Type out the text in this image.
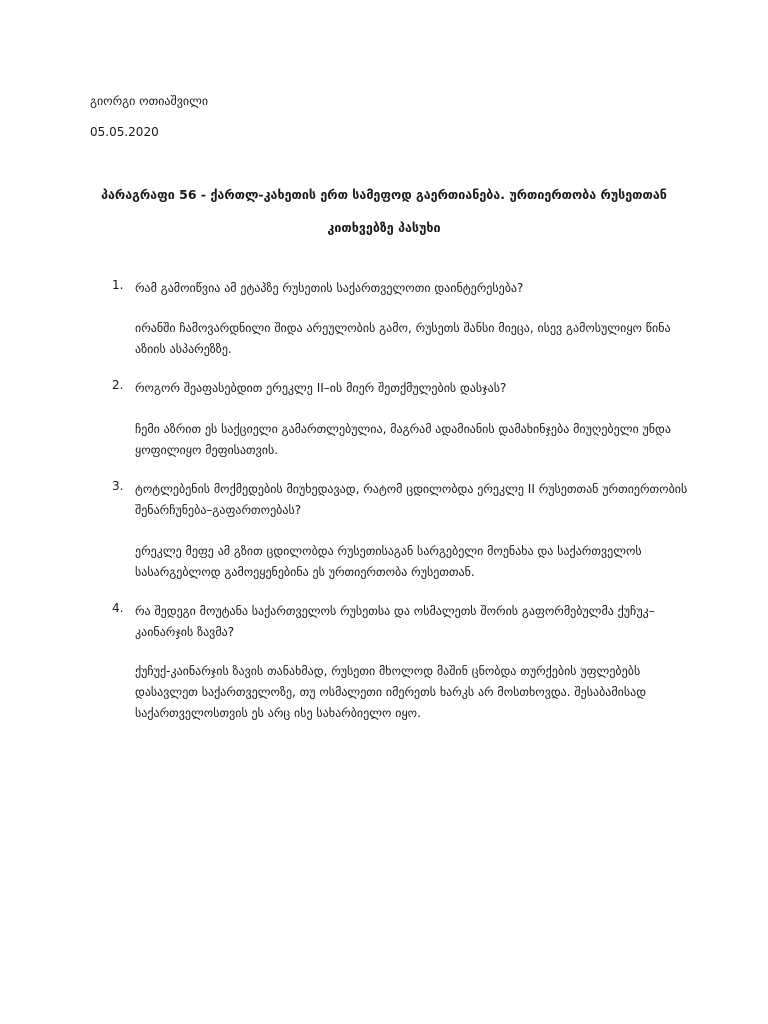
გიორგი ოთიაშვილი
05.05.2020
პარაგრაფი 56 - ქართლ-კახეთის ერთ სამეფოდ გაერთიანება. ურთიერთობა რუსეთთან
კითხვებზე პასუხი
1. რამ გამოიწვია ამ ეტაპზე რუსეთის საქართველოთი დაინტერესება?
ირანში ჩამოვარდნილი შიდა არეულობის გამო, რუსეთს შანსი მიეცა, ისევ გამოსულიყო წინა აზიის ასპარეზზე.
2. როგორ შეაფასებდით ერეკლე II–ის მიერ შეთქმულების დასჯას?
ჩემი აზრით ეს საქციელი გამართლებულია, მაგრამ ადამიანის დამახინჯება მიუღებელი უნდა ყოფილიყო მეფისათვის.
3. ტოტლებენის მოქმედების მიუხედავად, რატომ ცდილობდა ერეკლე II რუსეთთან ურთიერთობის შენარჩუნება–გაფართოებას?
ერეკლე მეფე ამ გზით ცდილობდა რუსეთისაგან სარგებელი მოენახა და საქართველოს სასარგებლოდ გამოეყენებინა ეს ურთიერთობა რუსეთთან.
4. რა შედეგი მოუტანა საქართველოს რუსეთსა და ოსმალეთს შორის გაფორმებულმა ქუჩუკ–კაინარჯის ზავმა?
ქუჩუქ-კაინარჯის ზავის თანახმად, რუსეთი მხოლოდ მაშინ ცნობდა თურქების უფლებებს დასავლეთ საქართველოზე, თუ ოსმალეთი იმერეთს ხარკს არ მოსთხოვდა. შესაბამისად საქართველოსთვის ეს არც ისე სახარბიელო იყო.
